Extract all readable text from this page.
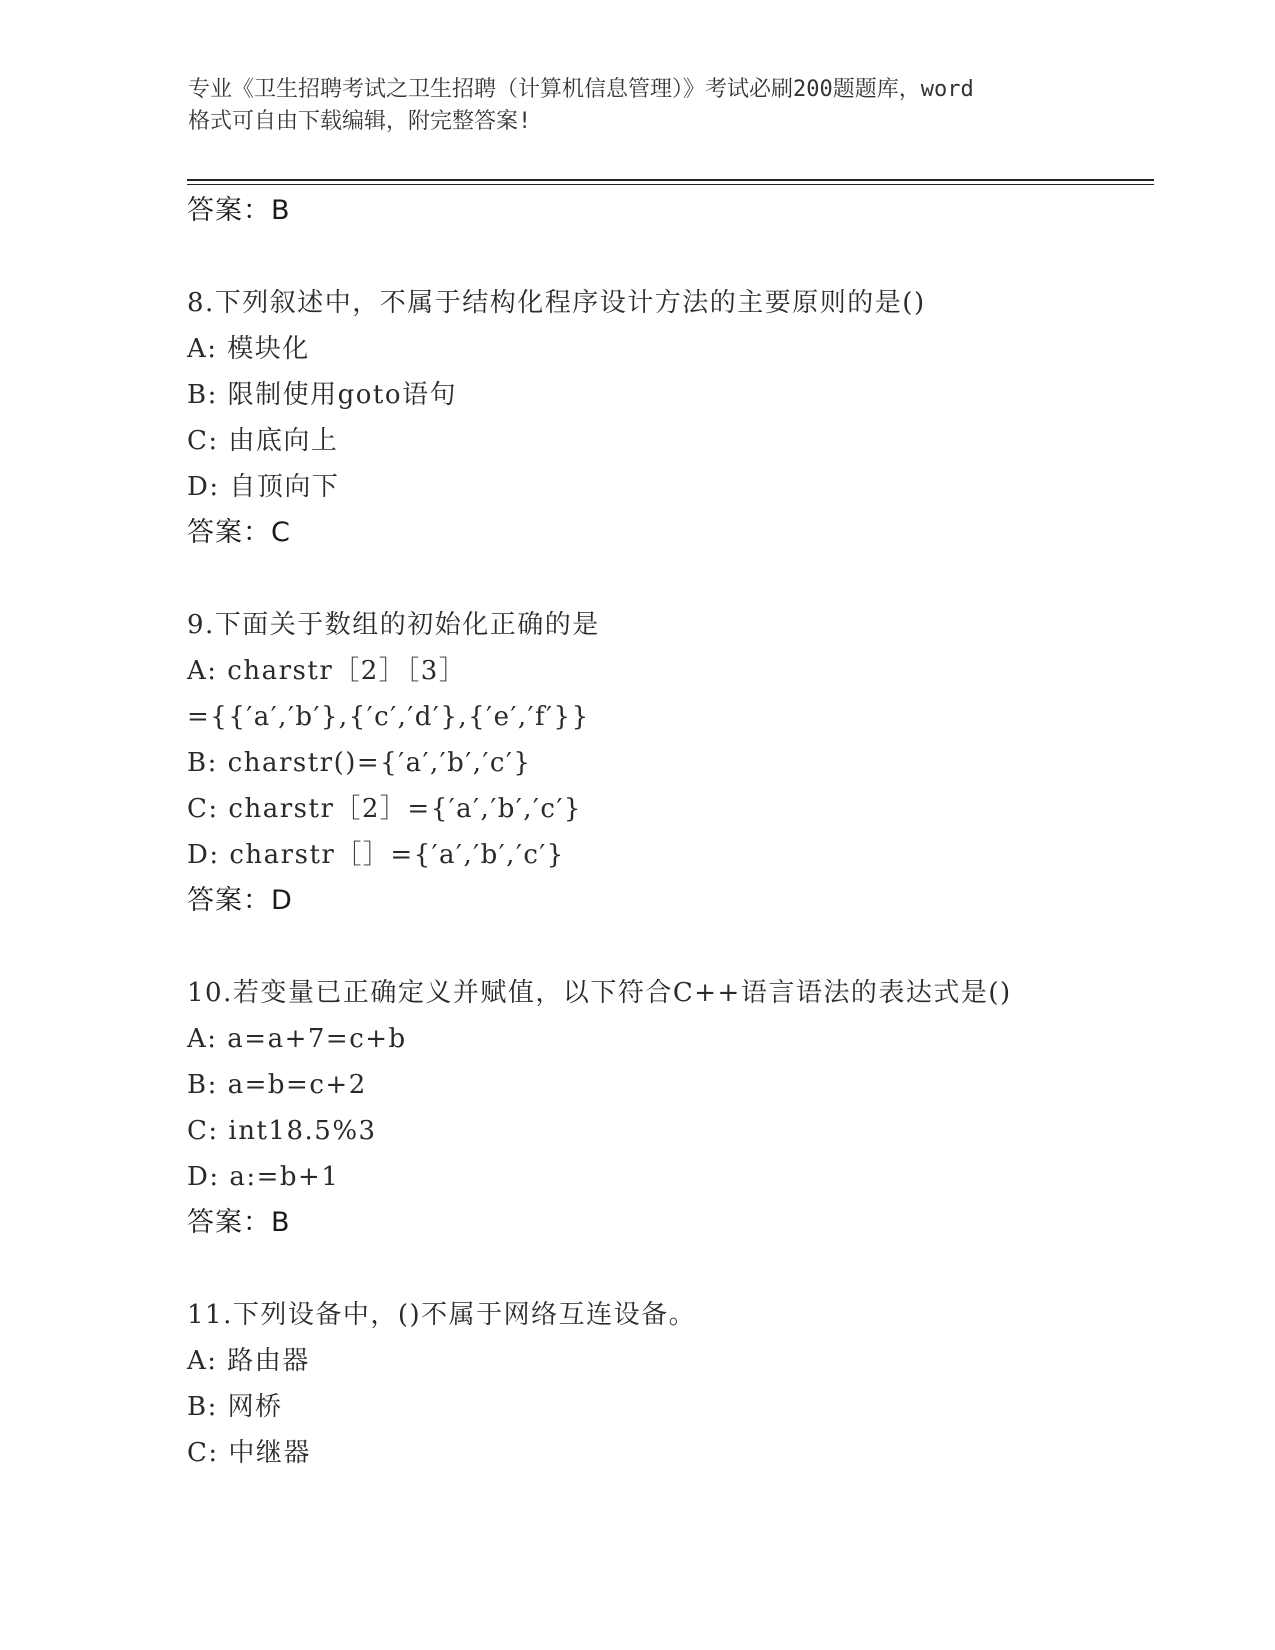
专业《卫生招聘考试之卫生招聘（计算机信息管理）》考试必刷200题题库，word
格式可自由下载编辑，附完整答案!
答案：B
8.下列叙述中，不属于结构化程序设计方法的主要原则的是()
A: 模块化
B: 限制使用goto语句
C: 由底向上
D: 自顶向下
答案：C
9.下面关于数组的初始化正确的是
A: charstr［2］［3］
={{′a′,′b′},{′c′,′d′},{′e′,′f′}}
B: charstr()={′a′,′b′,′c′}
C: charstr［2］={′a′,′b′,′c′}
D: charstr［］={′a′,′b′,′c′}
答案：D
10.若变量已正确定义并赋值，以下符合C++语言语法的表达式是()
A: a=a+7=c+b
B: a=b=c+2
C: int18.5%3
D: a:=b+1
答案：B
11.下列设备中，()不属于网络互连设备。
A: 路由器
B: 网桥
C: 中继器
